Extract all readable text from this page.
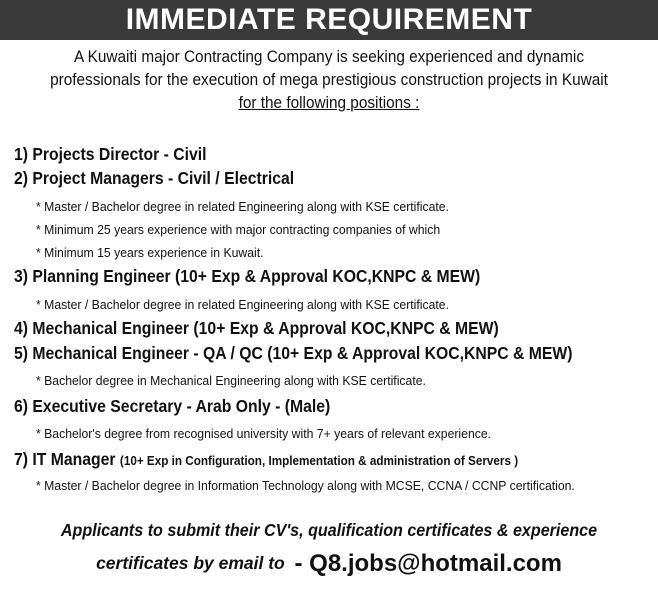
IMMEDIATE REQUIREMENT
A Kuwaiti major Contracting Company is seeking experienced and dynamic
professionals for the execution of mega prestigious construction projects in Kuwait
for the following positions :
1) Projects Director - Civil
2) Project Managers - Civil / Electrical
* Master / Bachelor degree in related Engineering along with KSE certificate.
* Minimum 25 years experience with major contracting companies of which
* Minimum 15 years experience in Kuwait.
3) Planning Engineer (10+ Exp & Approval KOC,KNPC & MEW)
* Master / Bachelor degree in related Engineering along with KSE certificate.
4) Mechanical Engineer (10+ Exp & Approval KOC,KNPC & MEW)
5) Mechanical Engineer - QA / QC (10+ Exp & Approval KOC,KNPC & MEW)
* Bachelor degree in Mechanical Engineering along with KSE certificate.
6) Executive Secretary - Arab Only - (Male)
* Bachelor's degree from recognised university with 7+ years of relevant experience.
7) IT Manager (10+ Exp in Configuration, Implementation & administration of Servers )
* Master / Bachelor degree in Information Technology along with MCSE, CCNA / CCNP certification.
Applicants to submit their CV's, qualification certificates & experience
certificates by email to - Q8.jobs@hotmail.com
